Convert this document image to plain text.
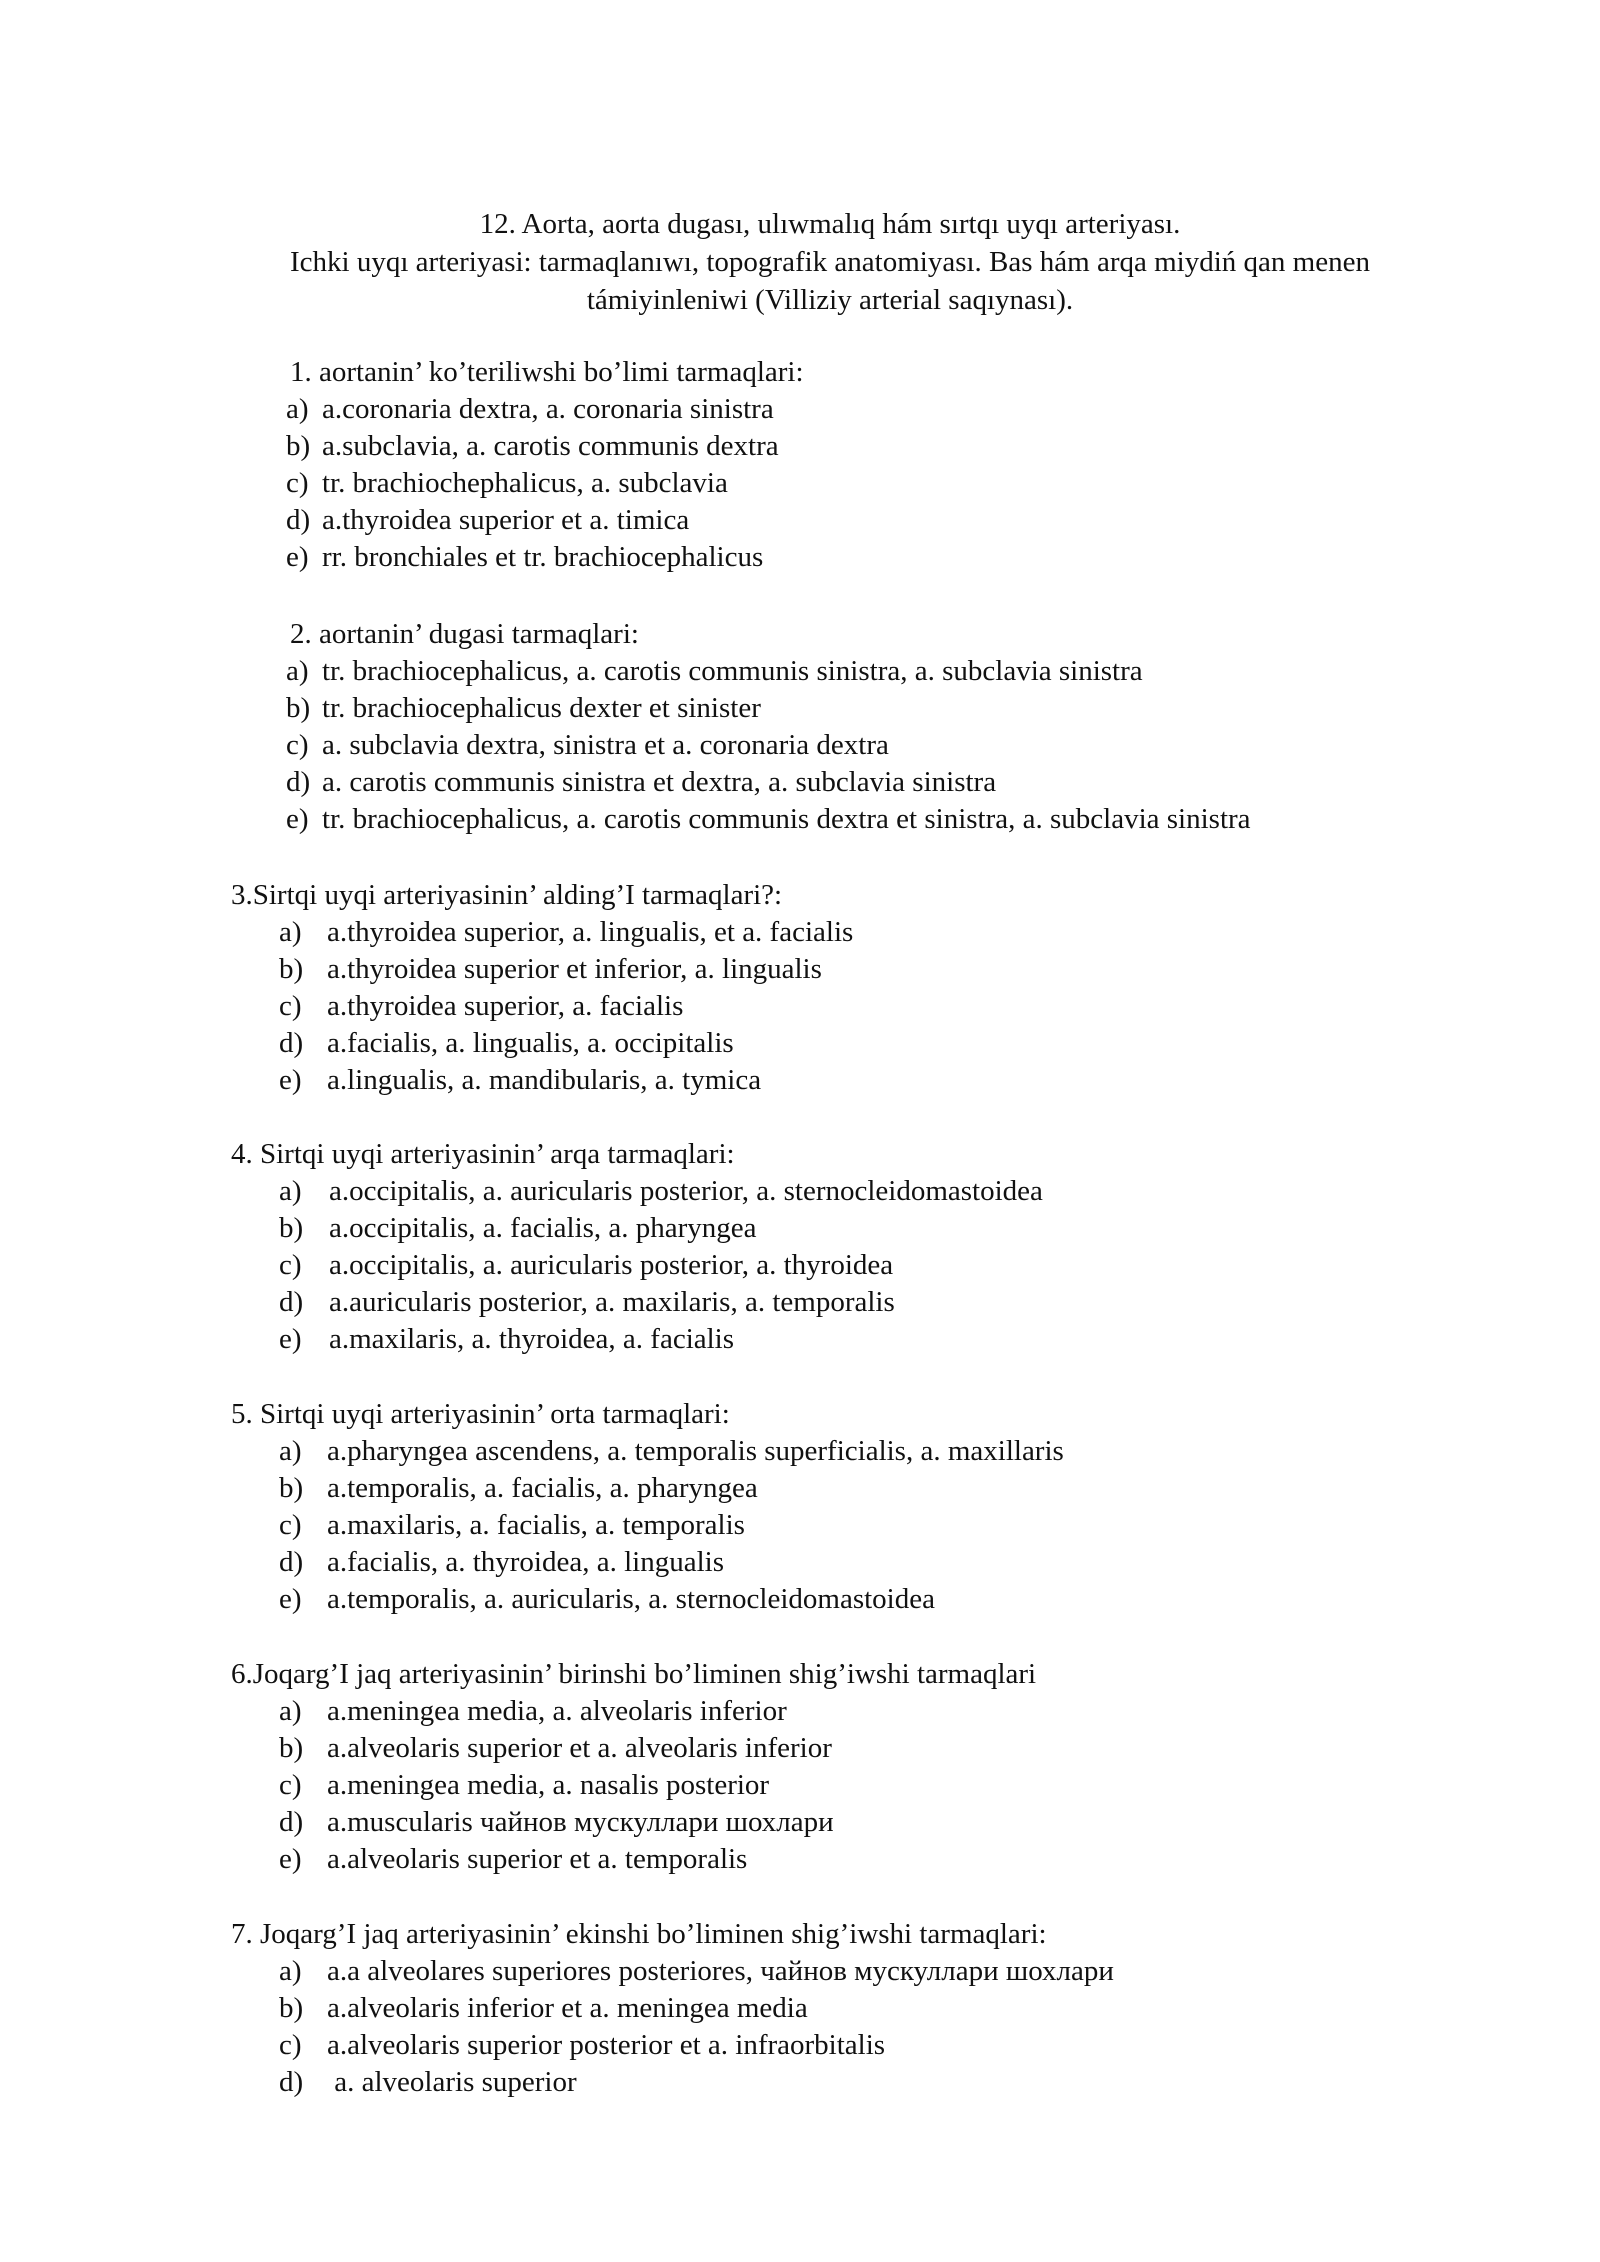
12. Aorta, aorta dugası, ulıwmalıq hám sırtqı uyqı arteriyası.
Ichki uyqı arteriyasi: tarmaqlanıwı, topografik anatomiyası. Bas hám arqa miydiń qan menen
támiyinleniwi (Villiziy arterial saqıynası).
1. aortanin’ ko’teriliwshi bo’limi tarmaqlari:
a) a.coronaria dextra, a. coronaria sinistra
b) a.subclavia, a. carotis communis dextra
c) tr. brachiochephalicus, a. subclavia
d) a.thyroidea superior et a. timica
e) rr. bronchiales et tr. brachiocephalicus
2. aortanin’ dugasi tarmaqlari:
a) tr. brachiocephalicus, a. carotis communis sinistra, a. subclavia sinistra
b) tr. brachiocephalicus dexter et sinister
c) a. subclavia dextra, sinistra et a. coronaria dextra
d) a. carotis communis sinistra et dextra, a. subclavia sinistra
e) tr. brachiocephalicus, a. carotis communis dextra et sinistra, a. subclavia sinistra
3.Sirtqi uyqi arteriyasinin’ alding’I tarmaqlari?:
a) a.thyroidea superior, a. lingualis, et a. facialis
b) a.thyroidea superior et inferior, a. lingualis
c) a.thyroidea superior, a. facialis
d) a.facialis, a. lingualis, a. occipitalis
e) a.lingualis, a. mandibularis, a. tymica
4. Sirtqi uyqi arteriyasinin’ arqa tarmaqlari:
a) a.occipitalis, a. auricularis posterior, a. sternocleidomastoidea
b) a.occipitalis, a. facialis, a. pharyngea
c) a.occipitalis, a. auricularis posterior, a. thyroidea
d) a.auricularis posterior, a. maxilaris, a. temporalis
e) a.maxilaris, a. thyroidea, a. facialis
5. Sirtqi uyqi arteriyasinin’ orta tarmaqlari:
a) a.pharyngea ascendens, a. temporalis superficialis, a. maxillaris
b) a.temporalis, a. facialis, a. pharyngea
c) a.maxilaris, a. facialis, a. temporalis
d) a.facialis, a. thyroidea, a. lingualis
e) a.temporalis, a. auricularis, a. sternocleidomastoidea
6.Joqarg’I jaq arteriyasinin’ birinshi bo’liminen shig’iwshi tarmaqlari
a) a.meningea media, a. alveolaris inferior
b) a.alveolaris superior et a. alveolaris inferior
c) a.meningea media, a. nasalis posterior
d) a.muscularis чайнов мускуллари шохлари
e) a.alveolaris superior et a. temporalis
7. Joqarg’I jaq arteriyasinin’ ekinshi bo’liminen shig’iwshi tarmaqlari:
a) a.a alveolares superiores posteriores, чайнов мускуллари шохлари
b) a.alveolaris inferior et a. meningea media
c) a.alveolaris superior posterior et a. infraorbitalis
d) a. alveolaris superior
